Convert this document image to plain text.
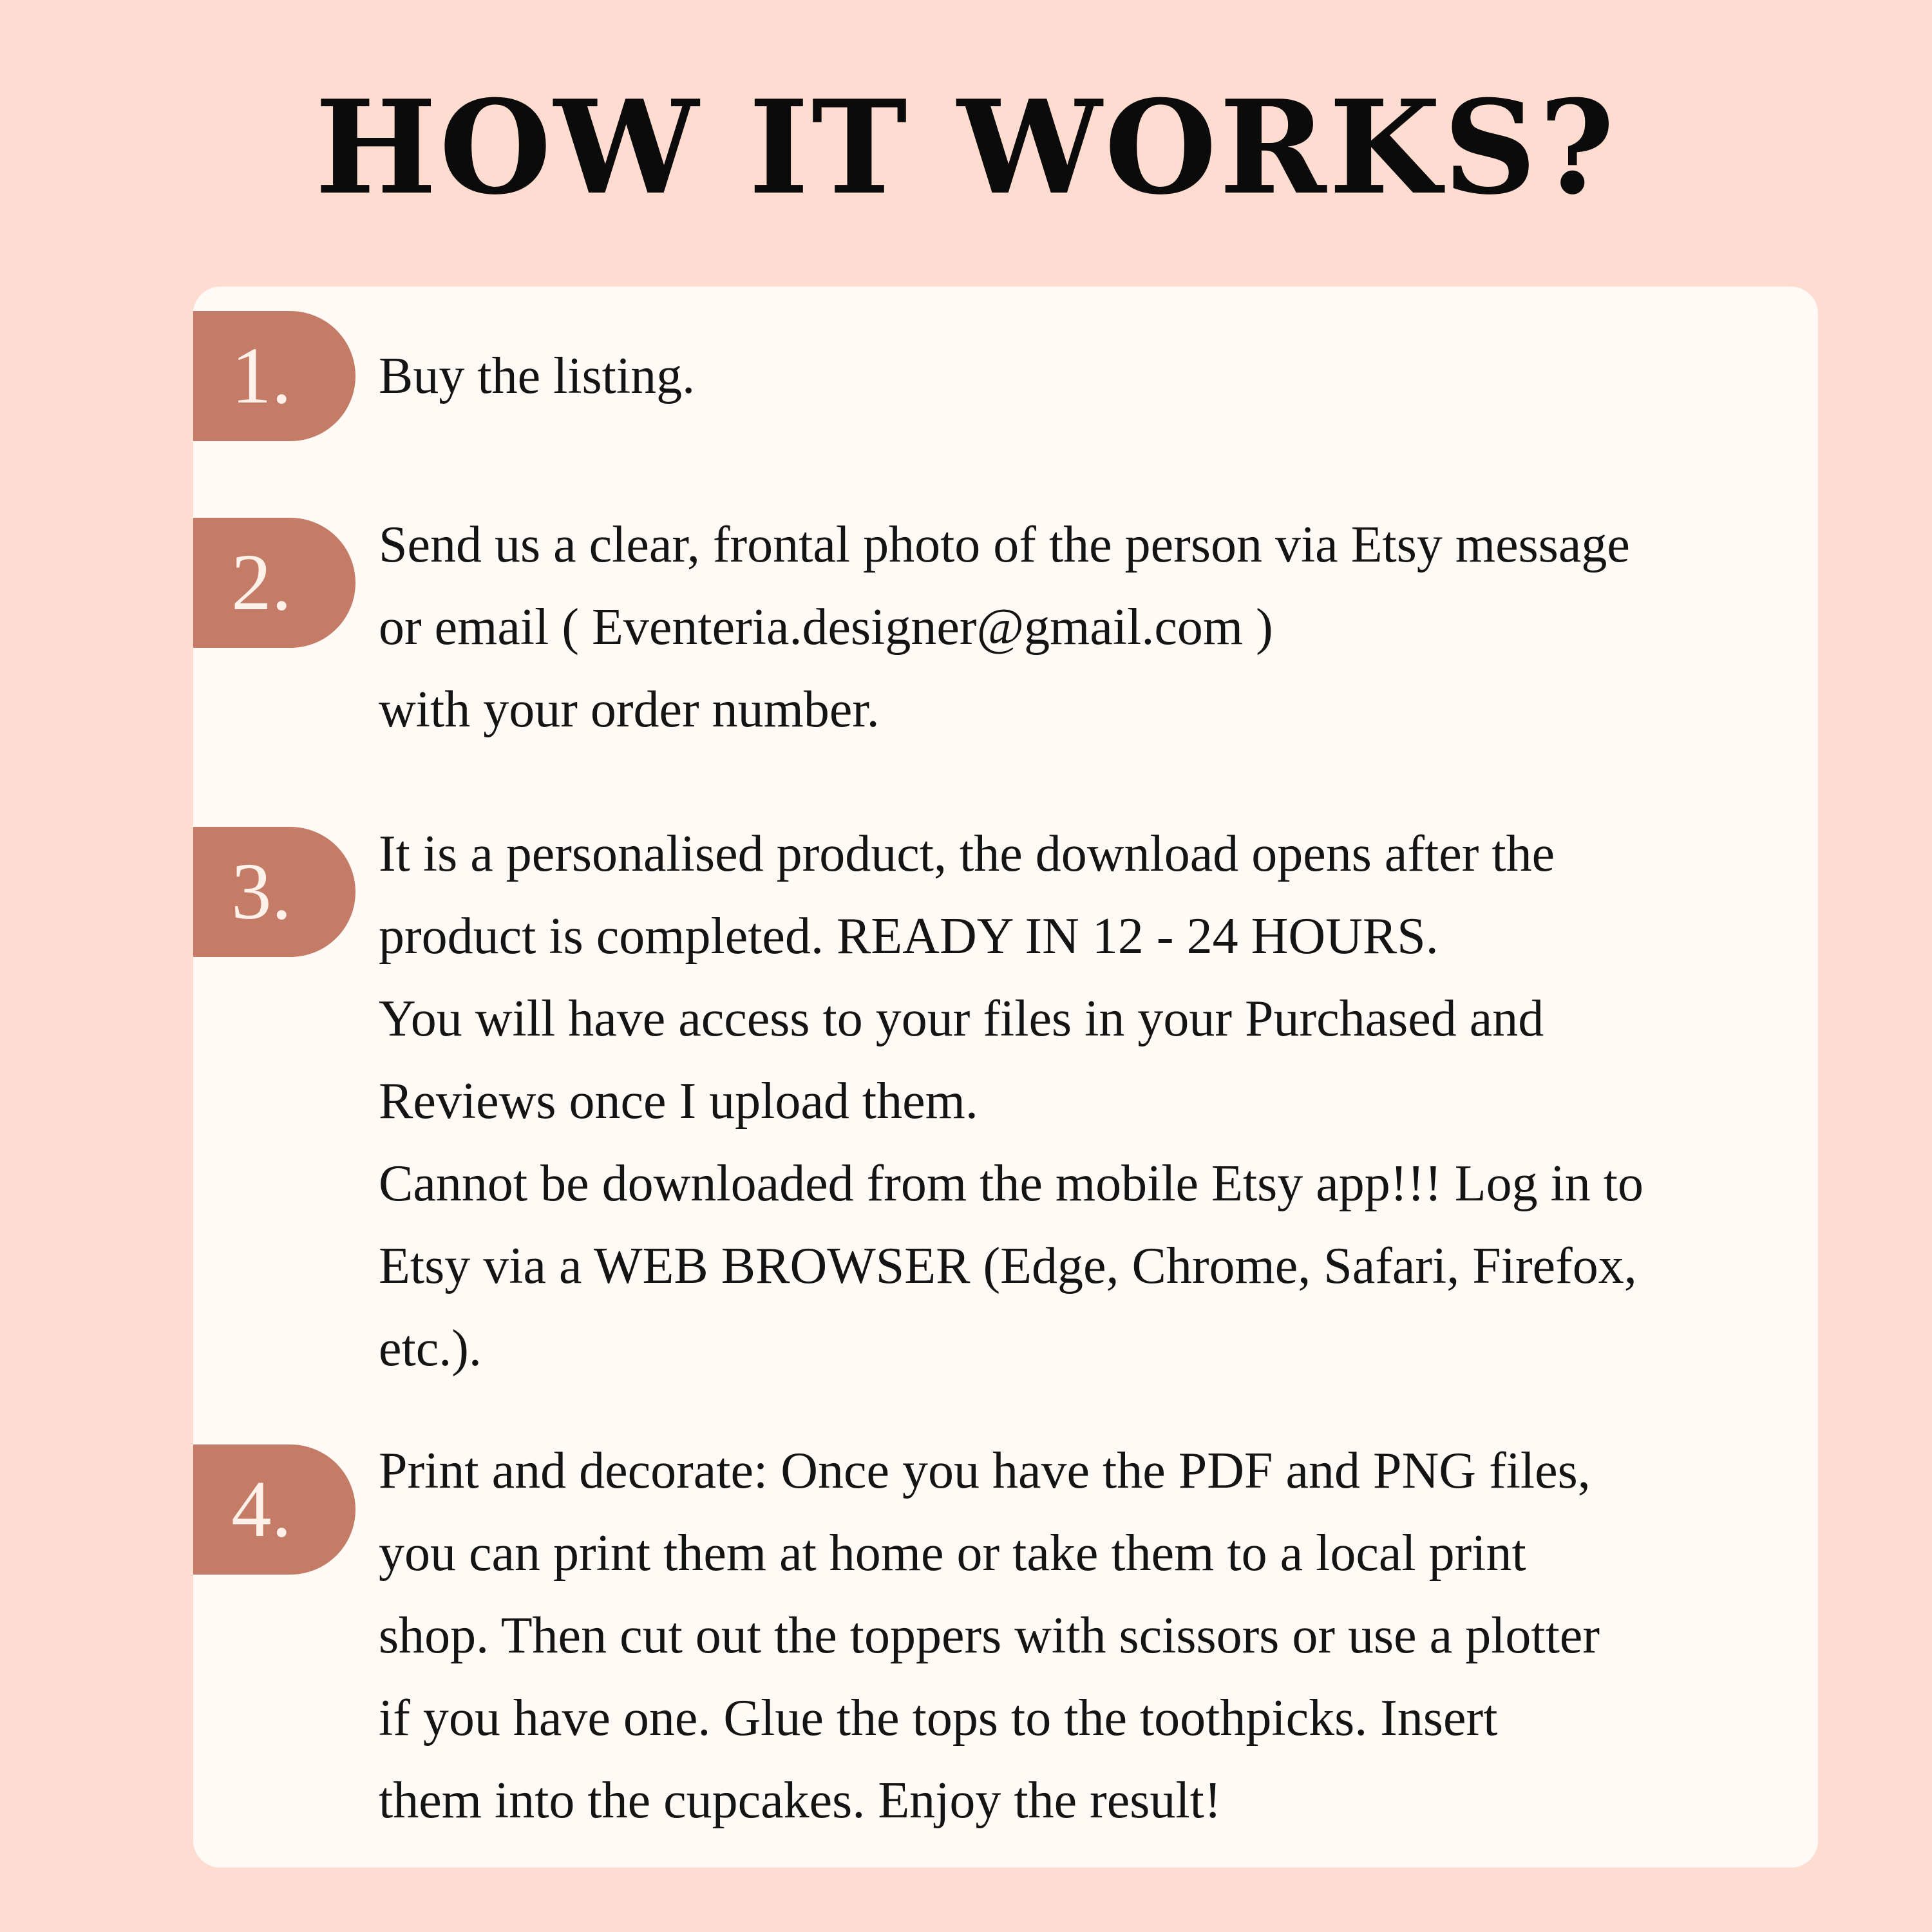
HOW IT WORKS?
1.	Buy the listing.
2.	Send us a clear, frontal photo of the person via Etsy message
or email ( Eventeria.designer@gmail.com )
with your order number.
3.	It is a personalised product, the download opens after the
product is completed. READY IN 12 - 24 HOURS.
You will have access to your files in your Purchased and
Reviews once I upload them.
Cannot be downloaded from the mobile Etsy app!!! Log in to
Etsy via a WEB BROWSER (Edge, Chrome, Safari, Firefox,
etc.).
4.	Print and decorate: Once you have the PDF and PNG files,
you can print them at home or take them to a local print
shop. Then cut out the toppers with scissors or use a plotter
if you have one. Glue the tops to the toothpicks. Insert
them into the cupcakes. Enjoy the result!
